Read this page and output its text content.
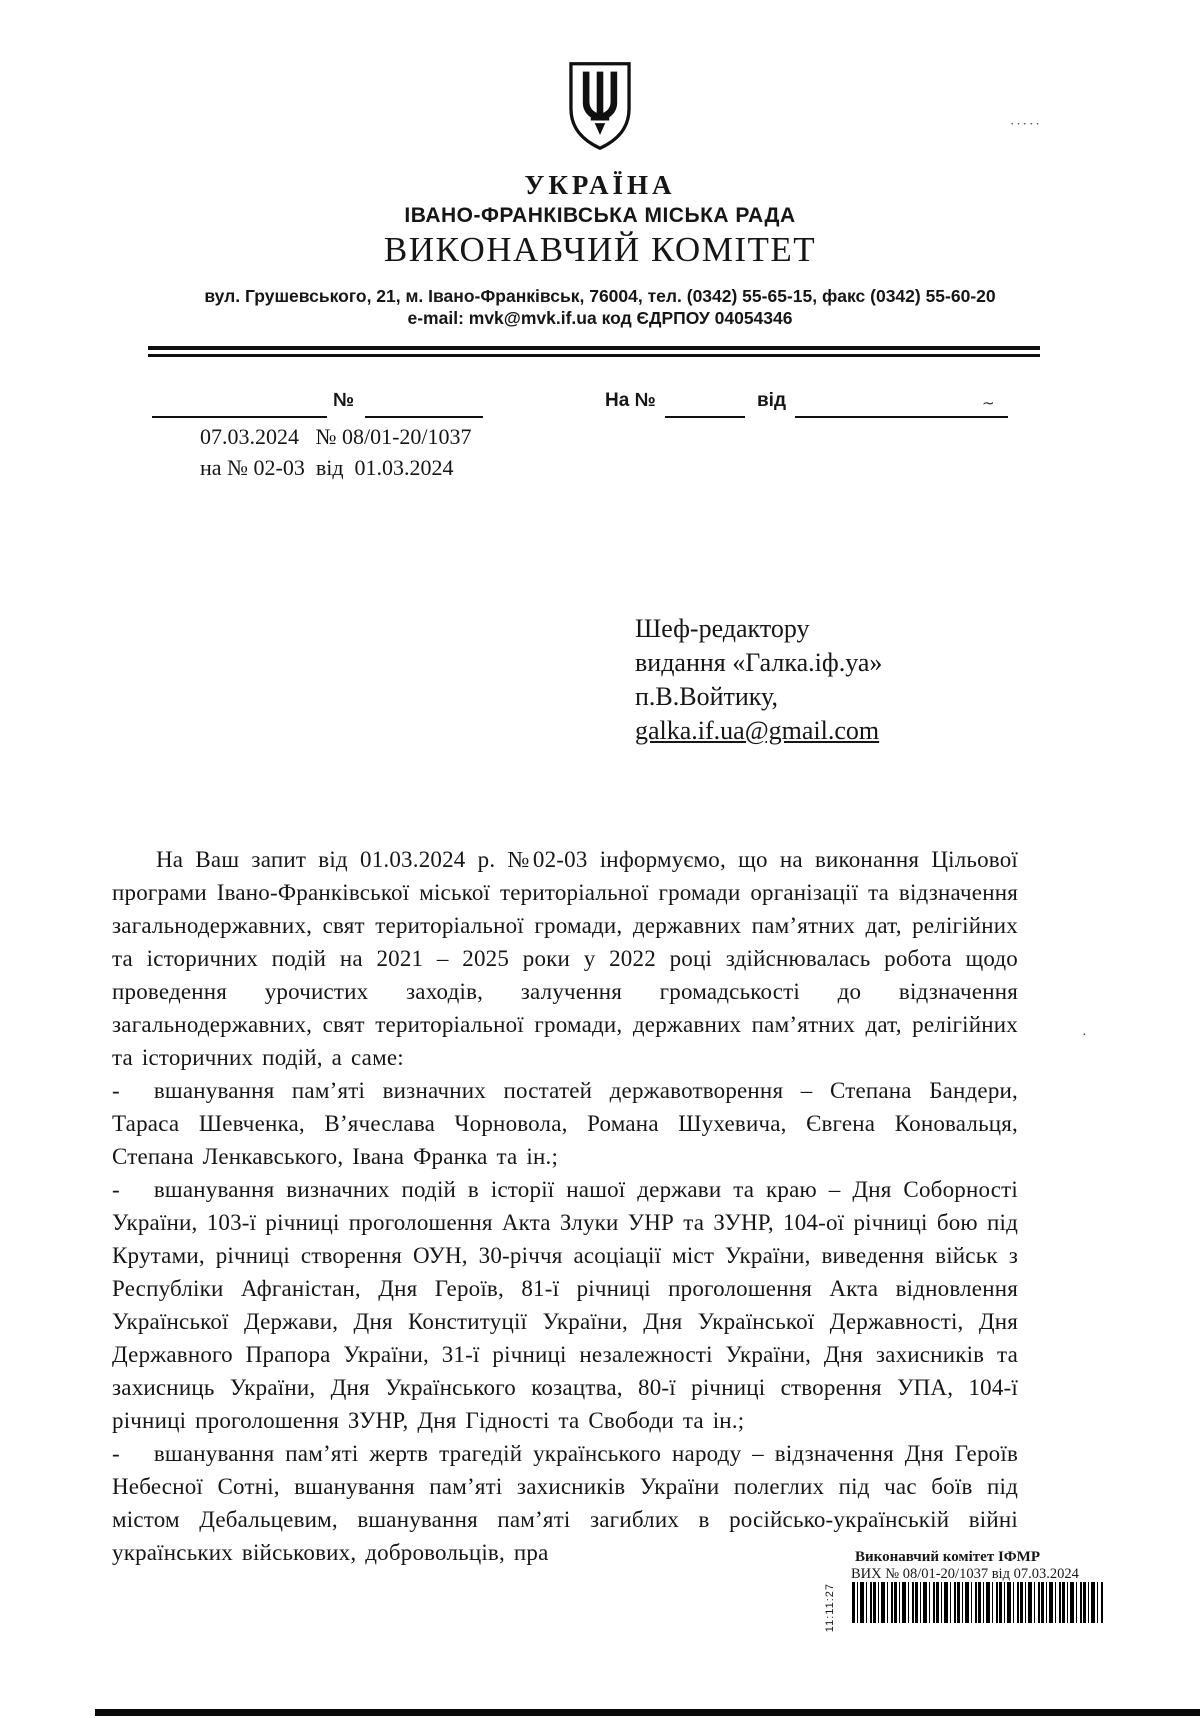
УКРАЇНА
ІВАНО-ФРАНКІВСЬКА МІСЬКА РАДА
ВИКОНАВЧИЙ КОМІТЕТ
вул. Грушевського, 21, м. Івано-Франківськ, 76004, тел. (0342) 55-65-15, факс (0342) 55-60-20
e-mail: mvk@mvk.if.ua код ЄДРПОУ 04054346
№	На №	від
07.03.2024   № 08/01-20/1037
на № 02-03  від  01.03.2024
Шеф-редактору
видання «Галка.іф.уа»
п.В.Войтику,
galka.if.ua@gmail.com

На Ваш запит від 01.03.2024 р. №02-03 інформуємо, що на виконання Цільової програми Івано-Франківської міської територіальної громади організації та відзначення загальнодержавних, свят територіальної громади, державних пам’ятних дат, релігійних та історичних подій на 2021 – 2025 роки у 2022 році здійснювалась робота щодо проведення урочистих заходів, залучення громадськості до відзначення загальнодержавних, свят територіальної громади, державних пам’ятних дат, релігійних та історичних подій, а саме:

- вшанування пам’яті визначних постатей державотворення – Степана Бандери, Тараса Шевченка, В’ячеслава Чорновола, Романа Шухевича, Євгена Коновальця, Степана Ленкавського, Івана Франка та ін.;

- вшанування визначних подій в історії нашої держави та краю – Дня Соборності України, 103-ї річниці проголошення Акта Злуки УНР та ЗУНР, 104-ої річниці бою під Крутами, річниці створення ОУН, 30-річчя асоціації міст України, виведення військ з Республіки Афганістан, Дня Героїв, 81-ї річниці проголошення Акта відновлення Української Держави, Дня Конституції України, Дня Української Державності, Дня Державного Прапора України, 31-ї річниці незалежності України, Дня захисників та захисниць України, Дня Українського козацтва, 80-ї річниці створення УПА, 104-ї річниці проголошення ЗУНР, Дня Гідності та Свободи та ін.;

- вшанування пам’яті жертв трагедій українського народу – відзначення Дня Героїв Небесної Сотні, вшанування пам’яті захисників України полеглих під час боїв під містом Дебальцевим, вшанування пам’яті загиблих в російсько-українській війні українських військових, добровольців, пра	Виконавчий комітет ІФМР
ВИХ № 08/01-20/1037 від 07.03.2024
11:11:27
·····
∼
·
